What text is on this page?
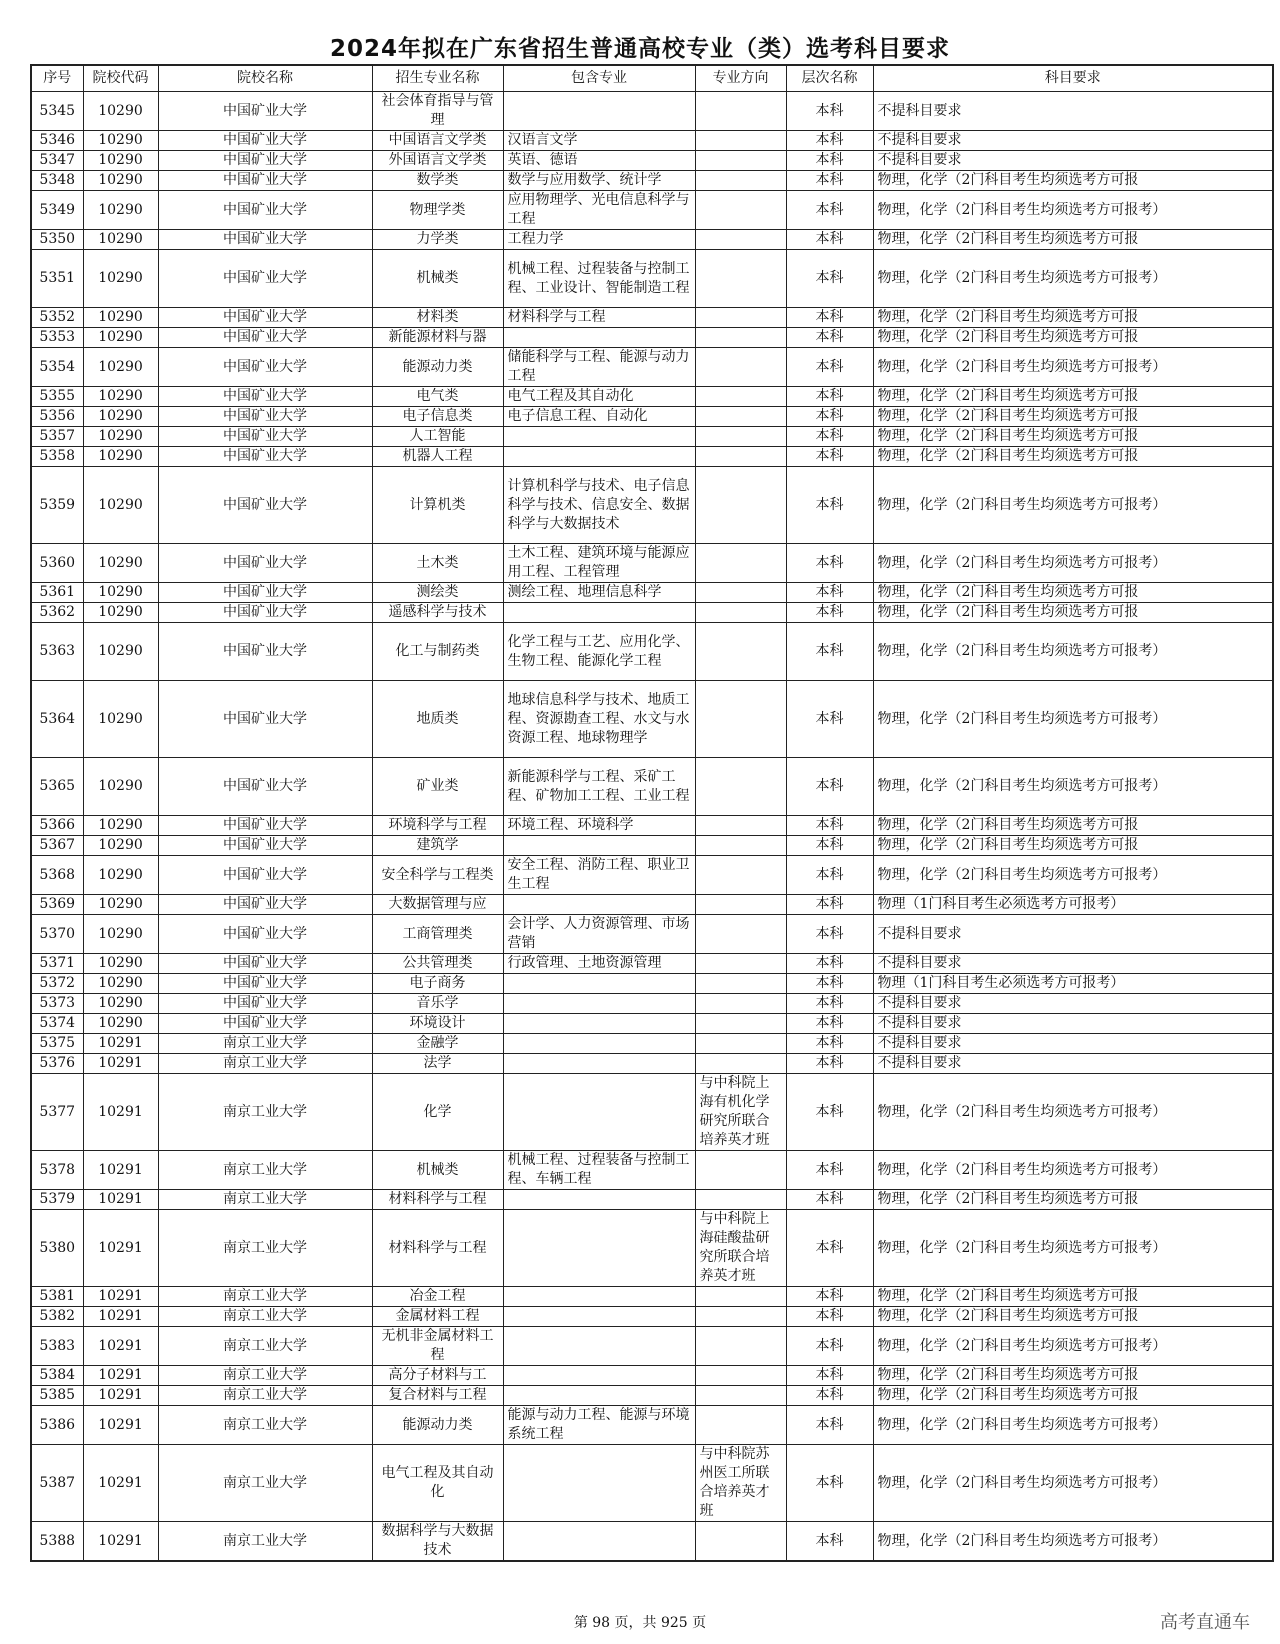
2024年拟在广东省招生普通高校专业（类）选考科目要求
序号	院校代码	院校名称	招生专业名称	包含专业	专业方向	层次名称	科目要求
5345	10290	中国矿业大学	社会体育指导与管理			本科	不提科目要求
5346	10290	中国矿业大学	中国语言文学类	汉语言文学		本科	不提科目要求
5347	10290	中国矿业大学	外国语言文学类	英语、德语		本科	不提科目要求
5348	10290	中国矿业大学	数学类	数学与应用数学、统计学		本科	物理，化学（2门科目考生均须选考方可报
5349	10290	中国矿业大学	物理学类	应用物理学、光电信息科学与工程		本科	物理，化学（2门科目考生均须选考方可报考）
5350	10290	中国矿业大学	力学类	工程力学		本科	物理，化学（2门科目考生均须选考方可报
5351	10290	中国矿业大学	机械类	机械工程、过程装备与控制工程、工业设计、智能制造工程		本科	物理，化学（2门科目考生均须选考方可报考）
5352	10290	中国矿业大学	材料类	材料科学与工程		本科	物理，化学（2门科目考生均须选考方可报
5353	10290	中国矿业大学	新能源材料与器			本科	物理，化学（2门科目考生均须选考方可报
5354	10290	中国矿业大学	能源动力类	储能科学与工程、能源与动力工程		本科	物理，化学（2门科目考生均须选考方可报考）
5355	10290	中国矿业大学	电气类	电气工程及其自动化		本科	物理，化学（2门科目考生均须选考方可报
5356	10290	中国矿业大学	电子信息类	电子信息工程、自动化		本科	物理，化学（2门科目考生均须选考方可报
5357	10290	中国矿业大学	人工智能			本科	物理，化学（2门科目考生均须选考方可报
5358	10290	中国矿业大学	机器人工程			本科	物理，化学（2门科目考生均须选考方可报
5359	10290	中国矿业大学	计算机类	计算机科学与技术、电子信息科学与技术、信息安全、数据科学与大数据技术		本科	物理，化学（2门科目考生均须选考方可报考）
5360	10290	中国矿业大学	土木类	土木工程、建筑环境与能源应用工程、工程管理		本科	物理，化学（2门科目考生均须选考方可报考）
5361	10290	中国矿业大学	测绘类	测绘工程、地理信息科学		本科	物理，化学（2门科目考生均须选考方可报
5362	10290	中国矿业大学	遥感科学与技术			本科	物理，化学（2门科目考生均须选考方可报
5363	10290	中国矿业大学	化工与制药类	化学工程与工艺、应用化学、生物工程、能源化学工程		本科	物理，化学（2门科目考生均须选考方可报考）
5364	10290	中国矿业大学	地质类	地球信息科学与技术、地质工程、资源勘查工程、水文与水资源工程、地球物理学		本科	物理，化学（2门科目考生均须选考方可报考）
5365	10290	中国矿业大学	矿业类	新能源科学与工程、采矿工程、矿物加工工程、工业工程		本科	物理，化学（2门科目考生均须选考方可报考）
5366	10290	中国矿业大学	环境科学与工程	环境工程、环境科学		本科	物理，化学（2门科目考生均须选考方可报
5367	10290	中国矿业大学	建筑学			本科	物理，化学（2门科目考生均须选考方可报
5368	10290	中国矿业大学	安全科学与工程类	安全工程、消防工程、职业卫生工程		本科	物理，化学（2门科目考生均须选考方可报考）
5369	10290	中国矿业大学	大数据管理与应			本科	物理（1门科目考生必须选考方可报考）
5370	10290	中国矿业大学	工商管理类	会计学、人力资源管理、市场营销		本科	不提科目要求
5371	10290	中国矿业大学	公共管理类	行政管理、土地资源管理		本科	不提科目要求
5372	10290	中国矿业大学	电子商务			本科	物理（1门科目考生必须选考方可报考）
5373	10290	中国矿业大学	音乐学			本科	不提科目要求
5374	10290	中国矿业大学	环境设计			本科	不提科目要求
5375	10291	南京工业大学	金融学			本科	不提科目要求
5376	10291	南京工业大学	法学			本科	不提科目要求
5377	10291	南京工业大学	化学		与中科院上海有机化学研究所联合培养英才班	本科	物理，化学（2门科目考生均须选考方可报考）
5378	10291	南京工业大学	机械类	机械工程、过程装备与控制工程、车辆工程		本科	物理，化学（2门科目考生均须选考方可报考）
5379	10291	南京工业大学	材料科学与工程			本科	物理，化学（2门科目考生均须选考方可报
5380	10291	南京工业大学	材料科学与工程		与中科院上海硅酸盐研究所联合培养英才班	本科	物理，化学（2门科目考生均须选考方可报考）
5381	10291	南京工业大学	冶金工程			本科	物理，化学（2门科目考生均须选考方可报
5382	10291	南京工业大学	金属材料工程			本科	物理，化学（2门科目考生均须选考方可报
5383	10291	南京工业大学	无机非金属材料工程			本科	物理，化学（2门科目考生均须选考方可报考）
5384	10291	南京工业大学	高分子材料与工			本科	物理，化学（2门科目考生均须选考方可报
5385	10291	南京工业大学	复合材料与工程			本科	物理，化学（2门科目考生均须选考方可报
5386	10291	南京工业大学	能源动力类	能源与动力工程、能源与环境系统工程		本科	物理，化学（2门科目考生均须选考方可报考）
5387	10291	南京工业大学	电气工程及其自动化		与中科院苏州医工所联合培养英才班	本科	物理，化学（2门科目考生均须选考方可报考）
5388	10291	南京工业大学	数据科学与大数据技术			本科	物理，化学（2门科目考生均须选考方可报考）
第 98 页，共 925 页	高考直通车
